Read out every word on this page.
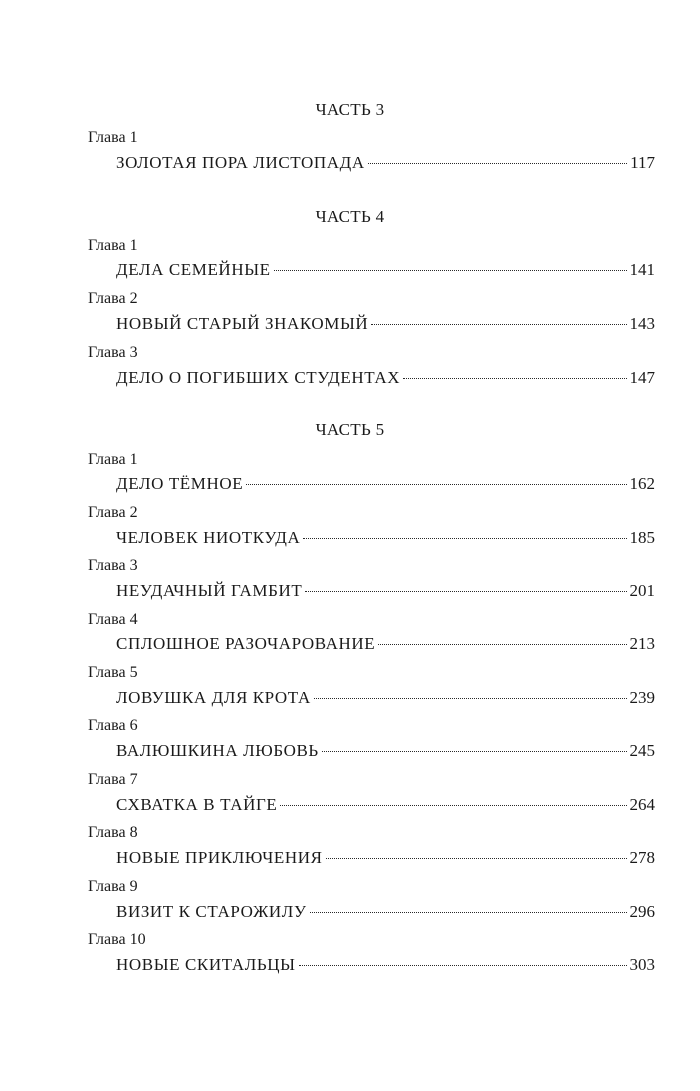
ЧАСТЬ 3
Глава 1
ЗОЛОТАЯ ПОРА ЛИСТОПАДА	117
ЧАСТЬ 4
Глава 1
ДЕЛА СЕМЕЙНЫЕ	141
Глава 2
НОВЫЙ СТАРЫЙ ЗНАКОМЫЙ	143
Глава 3
ДЕЛО О ПОГИБШИХ СТУДЕНТАХ	147
ЧАСТЬ 5
Глава 1
ДЕЛО ТЁМНОЕ	162
Глава 2
ЧЕЛОВЕК НИОТКУДА	185
Глава 3
НЕУДАЧНЫЙ ГАМБИТ	201
Глава 4
СПЛОШНОЕ РАЗОЧАРОВАНИЕ	213
Глава 5
ЛОВУШКА ДЛЯ КРОТА	239
Глава 6
ВАЛЮШКИНА ЛЮБОВЬ	245
Глава 7
СХВАТКА В ТАЙГЕ	264
Глава 8
НОВЫЕ ПРИКЛЮЧЕНИЯ	278
Глава 9
ВИЗИТ К СТАРОЖИЛУ	296
Глава 10
НОВЫЕ СКИТАЛЬЦЫ	303
